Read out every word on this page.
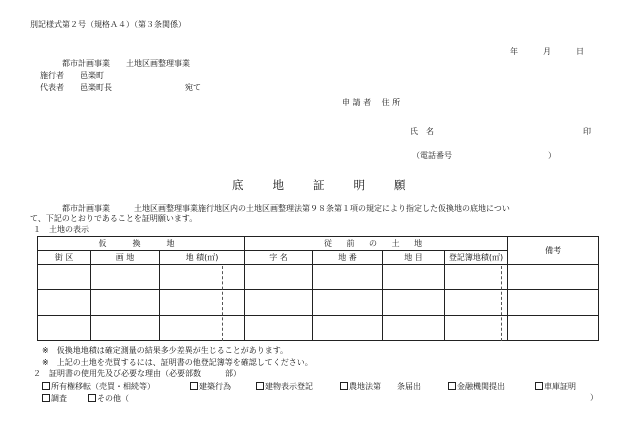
別記様式第２号（規格Ａ４）（第３条関係）
年	月	日
都市計画事業　　土地区画整理事業
施行者 邑楽町
代表者 邑楽町長	宛て
申 請 者　 住 所
氏　名	印
（電話番号　　　　　　　　　　　　）
底 地 証 明 願
都市計画事業　　　土地区画整理事業施行地区内の土地区画整理法第９８条第１項の規定により指定した仮換地の底地につい
て、下記のとおりであることを証明願います。
１　土地の表示
仮　換　地			従 前 の 土 地				備考
街 区	画 地	地 積(㎡)	字 名	地 番	地 目	登記簿地積(㎡)	

※　仮換地地積は確定測量の結果多少差異が生じることがあります。
※　上記の土地を売買するには、証明書の他登記簿等を確認してください。
２　証明書の使用先及び必要な理由（必要部数　　　部）
所有権移転（売買・相続等）	建築行為	建物表示登記	農地法第　　条届出	金融機関提出	車庫証明
調査	その他（	）
